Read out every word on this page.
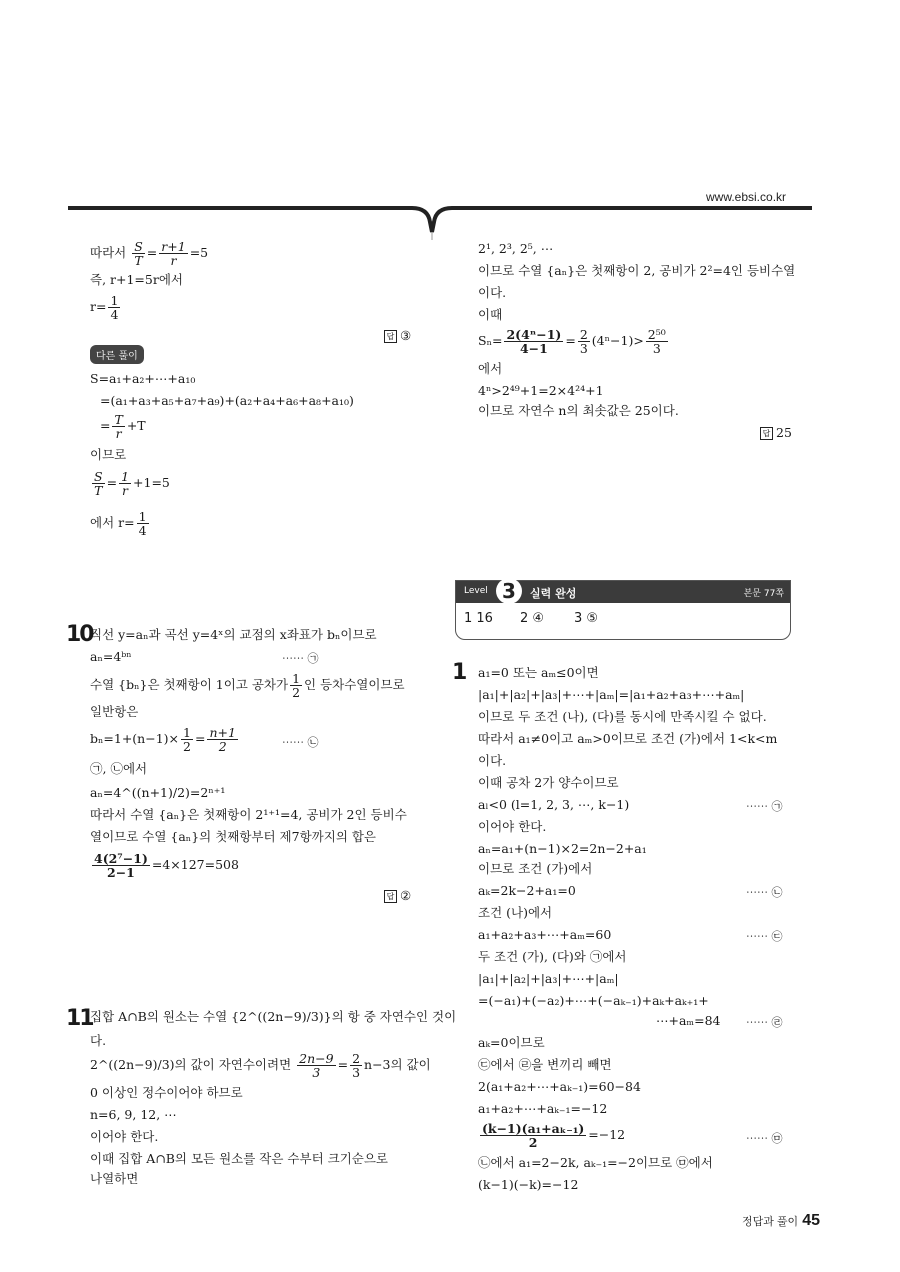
www.ebsi.co.kr
따라서 $\frac{S}{T} = \frac{r+1}{r} =5$
즉, r+1=5r에서
$r= \frac{1}{4}$
답 ③
다른 풀이
S=a₁+a₂+⋯+a₁₀
=(a₁+a₃+a₅+a₇+a₉)+(a₂+a₄+a₆+a₈+a₁₀)
= $\frac{T}{r} +T$
이므로
$\frac{S}{T} = \frac{1}{r} +1=5$
에서 $r= \frac{1}{4}$
10
직선 y=aₙ과 곡선 y=4ˣ의 교점의 x좌표가 bₙ이므로
aₙ=4ᵇⁿ	⋯⋯ ㉠
수열 {bₙ}은 첫째항이 1이고 공차가 $\frac{1}{2}$ 인 등차수열이므로
일반항은
$b_n=1+(n-1)\times \frac{1}{2} = \frac{n+1}{2}$	⋯⋯ ㉡
㉠, ㉡에서
aₙ=4^((n+1)/2)=2ⁿ⁺¹
따라서 수열 {aₙ}은 첫째항이 2¹⁺¹=4, 공비가 2인 등비수
열이므로 수열 {aₙ}의 첫째항부터 제7항까지의 합은
$\frac{\text{4(2⁷−1)}}{2-1} =4\times 127=508$
답 ②
11
집합 A∩B의 원소는 수열 {2^((2n−9)/3)}의 항 중 자연수인 것이
다.
2^((2n−9)/3)의 값이 자연수이려면 $\frac{2n-9}{3} = \frac{2}{3} n-3$의 값이
0 이상인 정수이어야 하므로
n=6, 9, 12, ⋯
이어야 한다.
이때 집합 A∩B의 모든 원소를 작은 수부터 크기순으로
나열하면
2¹, 2³, 2⁵, ⋯
이므로 수열 {aₙ}은 첫째항이 2, 공비가 2²=4인 등비수열
이다.
이때
$S_n= \frac{\text{2(4ⁿ−1)}}{4-1} = \frac{2}{3} (4^n-1)> \frac{\text{2⁵⁰}}{3}$
에서
4ⁿ>2⁴⁹+1=2×4²⁴+1
이므로 자연수 n의 최솟값은 25이다.
답 25
Level 3	실력 완성	본문 77쪽
1 16 2 ④ 3 ⑤
1 a₁=0 또는 aₘ≤0이면
|a₁|+|a₂|+|a₃|+⋯+|aₘ|=|a₁+a₂+a₃+⋯+aₘ|
이므로 두 조건 (나), (다)를 동시에 만족시킬 수 없다.
따라서 a₁≠0이고 aₘ>0이므로 조건 (가)에서 1<k<m
이다.
이때 공차 2가 양수이므로
aₗ<0 (l=1, 2, 3, ⋯, k−1)	⋯⋯ ㉠
이어야 한다.
aₙ=a₁+(n−1)×2=2n−2+a₁
이므로 조건 (가)에서
aₖ=2k−2+a₁=0	⋯⋯ ㉡
조건 (나)에서
a₁+a₂+a₃+⋯+aₘ=60	⋯⋯ ㉢
두 조건 (가), (다)와 ㉠에서
|a₁|+|a₂|+|a₃|+⋯+|aₘ|
=(−a₁)+(−a₂)+⋯+(−aₖ₋₁)+aₖ+aₖ₊₁+
⋯+aₘ=84 ⋯⋯ ㉣
aₖ=0이므로
㉢에서 ㉣을 변끼리 빼면
2(a₁+a₂+⋯+aₖ₋₁)=60−84
a₁+a₂+⋯+aₖ₋₁=−12
$\frac{\text{(k−1)(a₁+aₖ₋₁)}}{2} =-12$	⋯⋯ ㉤
㉡에서 a₁=2−2k, aₖ₋₁=−2이므로 ㉤에서
(k−1)(−k)=−12
정답과 풀이 45
